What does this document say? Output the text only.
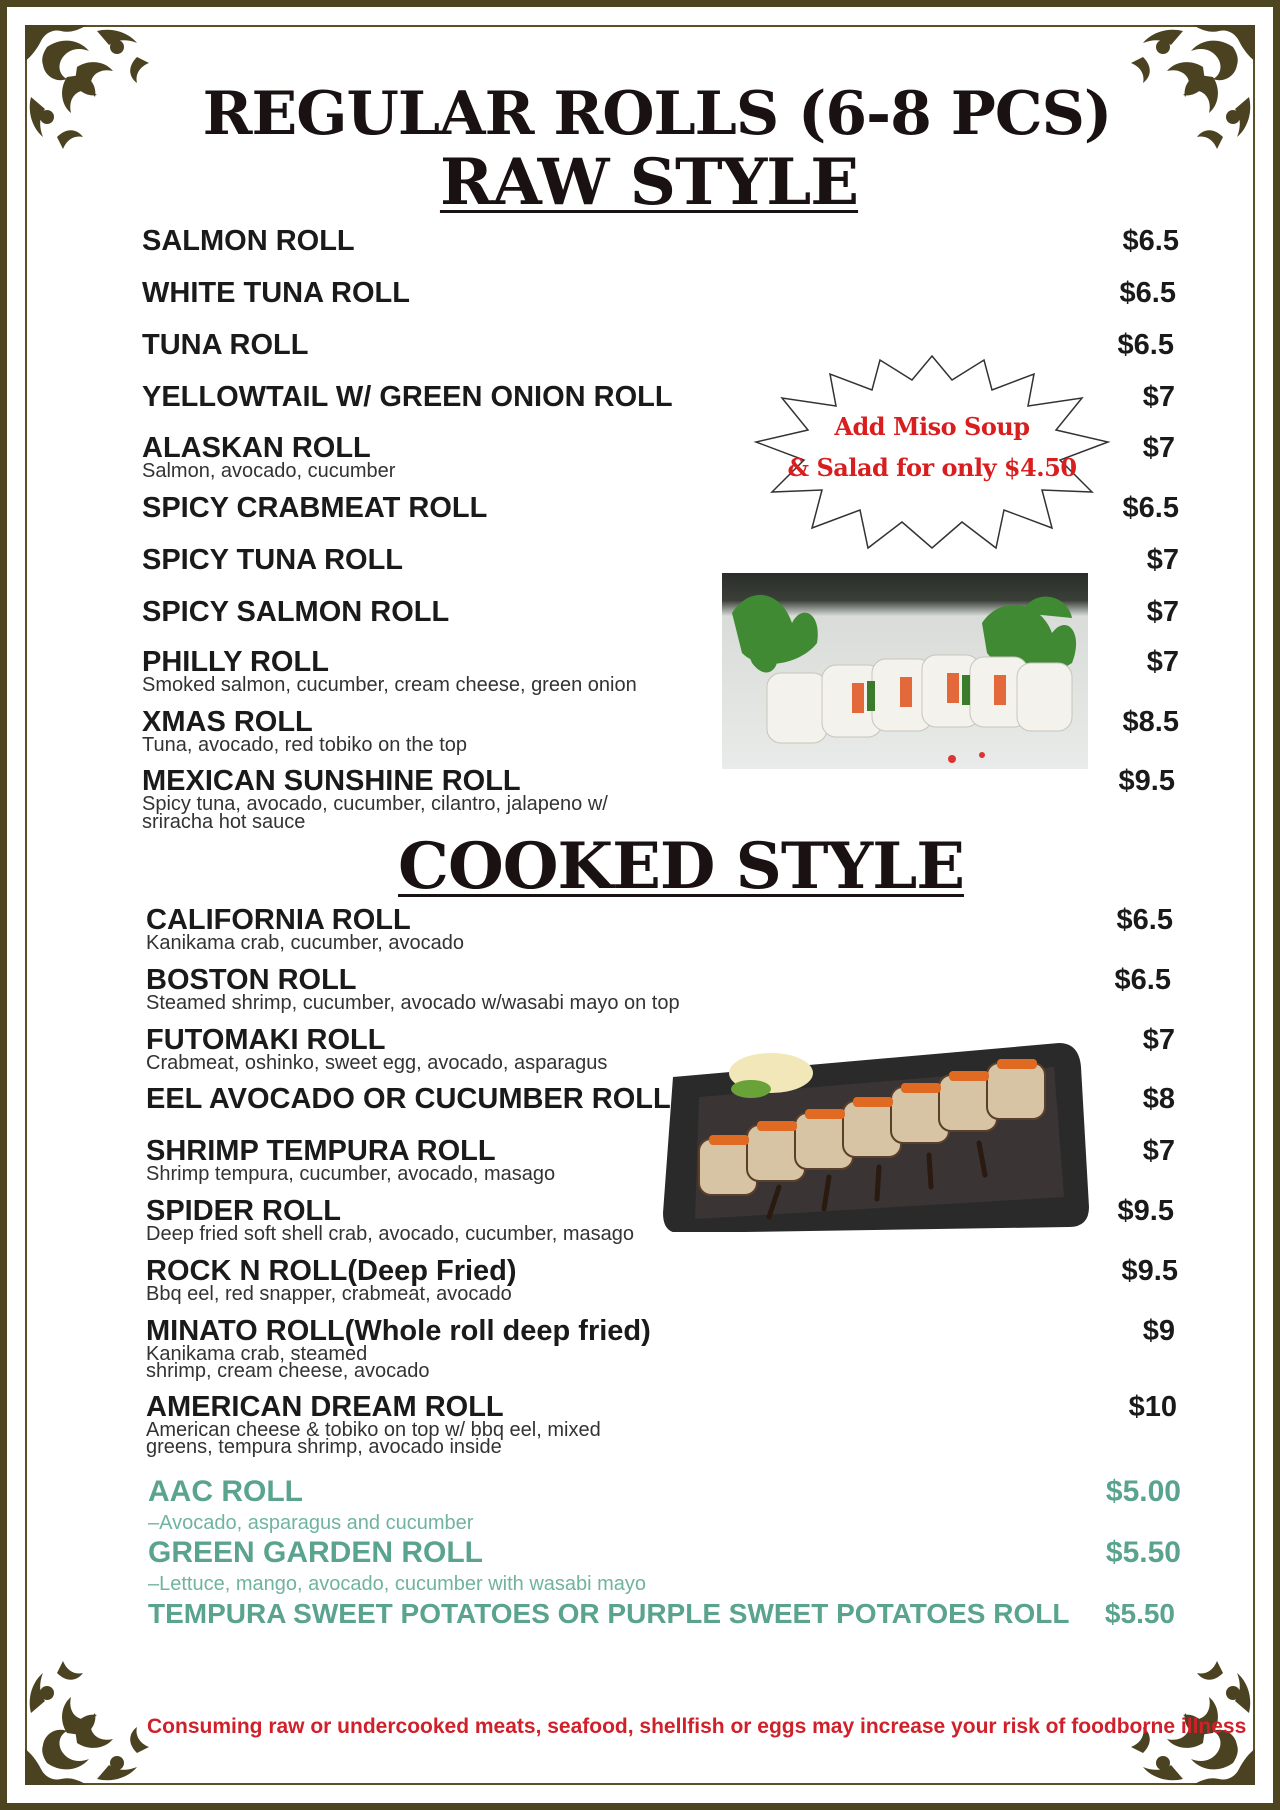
REGULAR ROLLS (6-8 PCS)
RAW STYLE
COOKED STYLE
Add Miso Soup
& Salad for only $4.50
SALMON ROLL	$6.5
WHITE TUNA ROLL	$6.5
TUNA ROLL	$6.5
YELLOWTAIL W/ GREEN ONION ROLL	$7
ALASKAN ROLL
Salmon, avocado, cucumber
$7
SPICY CRABMEAT ROLL	$6.5
SPICY TUNA ROLL	$7
SPICY SALMON ROLL	$7
PHILLY ROLL
Smoked salmon, cucumber, cream cheese, green onion
$7
XMAS ROLL
Tuna, avocado, red tobiko on the top
$8.5
MEXICAN SUNSHINE ROLL
Spicy tuna, avocado, cucumber, cilantro, jalapeno w/
sriracha hot sauce
$9.5
CALIFORNIA ROLL
Kanikama crab, cucumber, avocado
$6.5
BOSTON ROLL
Steamed shrimp, cucumber, avocado w/wasabi mayo on top
$6.5
FUTOMAKI ROLL
Crabmeat, oshinko, sweet egg, avocado, asparagus
$7
EEL AVOCADO OR CUCUMBER ROLL	$8
SHRIMP TEMPURA ROLL
Shrimp tempura, cucumber, avocado, masago
$7
SPIDER ROLL
Deep fried soft shell crab, avocado, cucumber, masago
$9.5
ROCK N ROLL(Deep Fried)
Bbq eel, red snapper, crabmeat, avocado
$9.5
MINATO ROLL(Whole roll deep fried)
Kanikama crab, steamed
shrimp, cream cheese, avocado
$9
AMERICAN DREAM ROLL
American cheese & tobiko on top w/ bbq eel, mixed
greens, tempura shrimp, avocado inside
$10
AAC ROLL
–Avocado, asparagus and cucumber
$5.00
GREEN GARDEN ROLL
–Lettuce, mango, avocado, cucumber with wasabi mayo
$5.50
TEMPURA SWEET POTATOES OR PURPLE SWEET POTATOES ROLL	$5.50
Consuming raw or undercooked meats, seafood, shellfish or eggs may increase your risk of foodborne illness
